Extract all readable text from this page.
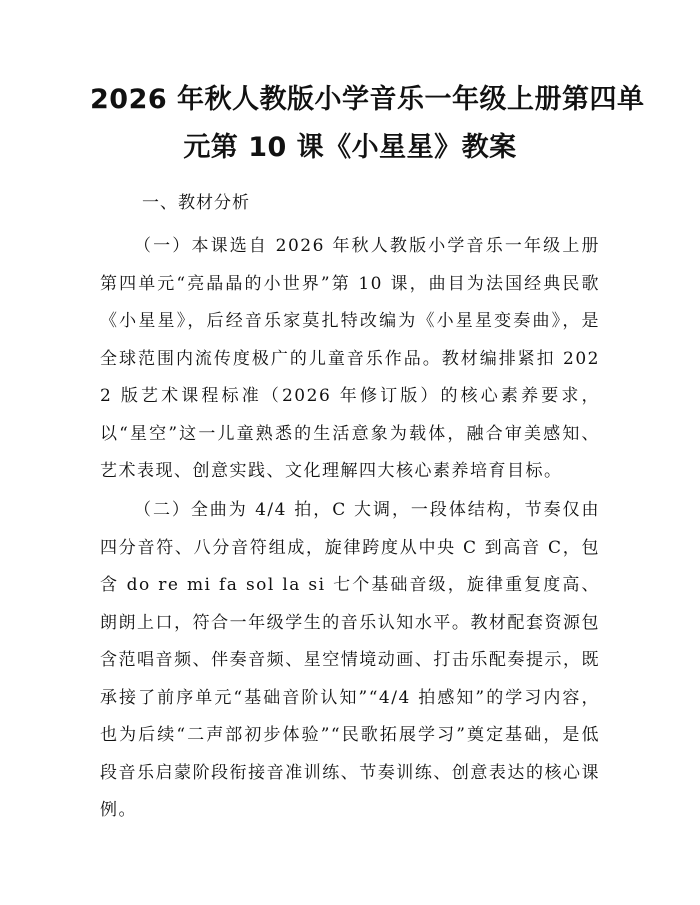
2026 年秋人教版小学音乐一年级上册第四单
元第 10 课《小星星》教案
一、教材分析

（一）本课选自 2026 年秋人教版小学音乐一年级上册第四单元“亮晶晶的小世界”第 10 课，曲目为法国经典民歌《小星星》，后经音乐家莫扎特改编为《小星星变奏曲》，是全球范围内流传度极广的儿童音乐作品。教材编排紧扣 2022 版艺术课程标准（2026 年修订版）的核心素养要求，以“星空”这一儿童熟悉的生活意象为载体，融合审美感知、艺术表现、创意实践、文化理解四大核心素养培育目标。

（二）全曲为 4/4 拍，C 大调，一段体结构，节奏仅由四分音符、八分音符组成，旋律跨度从中央 C 到高音 C，包含 do re mi fa sol la si 七个基础音级，旋律重复度高、朗朗上口，符合一年级学生的音乐认知水平。教材配套资源包含范唱音频、伴奏音频、星空情境动画、打击乐配奏提示，既承接了前序单元“基础音阶认知”“4/4 拍感知”的学习内容，也为后续“二声部初步体验”“民歌拓展学习”奠定基础，是低段音乐启蒙阶段衔接音准训练、节奏训练、创意表达的核心课例。
